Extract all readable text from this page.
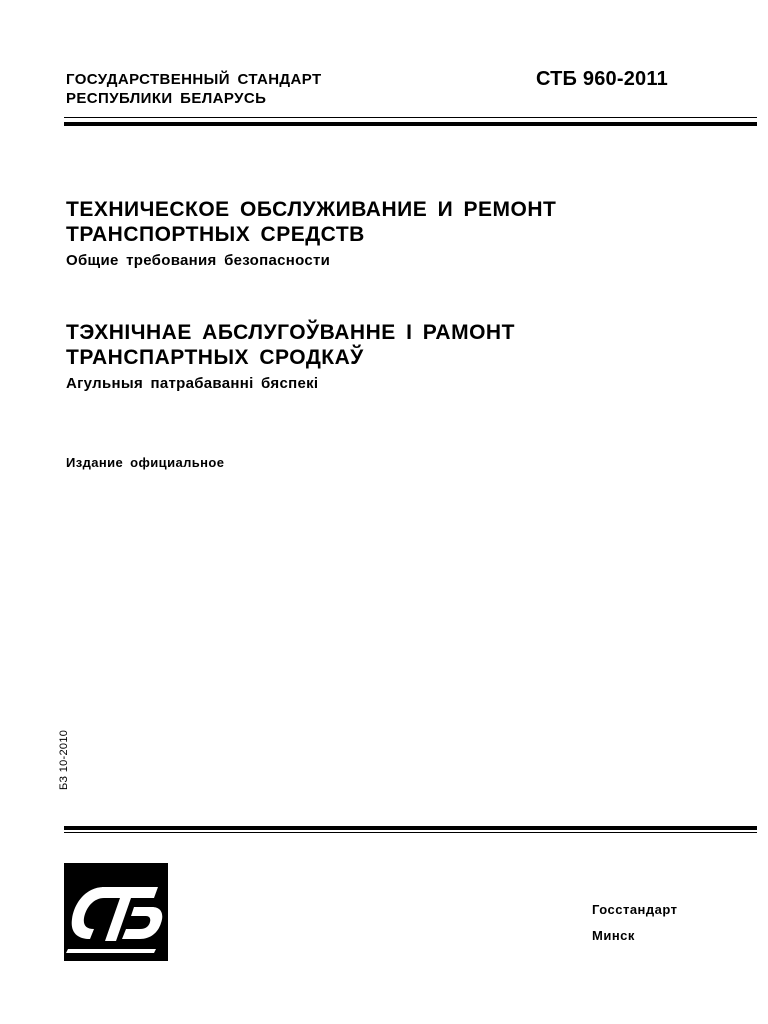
ГОСУДАРСТВЕННЫЙ СТАНДАРТ
РЕСПУБЛИКИ БЕЛАРУСЬ
СТБ 960-2011

ТЕХНИЧЕСКОЕ ОБСЛУЖИВАНИЕ И РЕМОНТ

ТРАНСПОРТНЫХ СРЕДСТВ

Общие требования безопасности

ТЭХНІЧНАЕ АБСЛУГОЎВАННЕ І РАМОНТ

ТРАНСПАРТНЫХ СРОДКАЎ

Агульныя патрабаванні бяспекі

Издание официальное
БЗ 10-2010
Госстандарт
Минск
